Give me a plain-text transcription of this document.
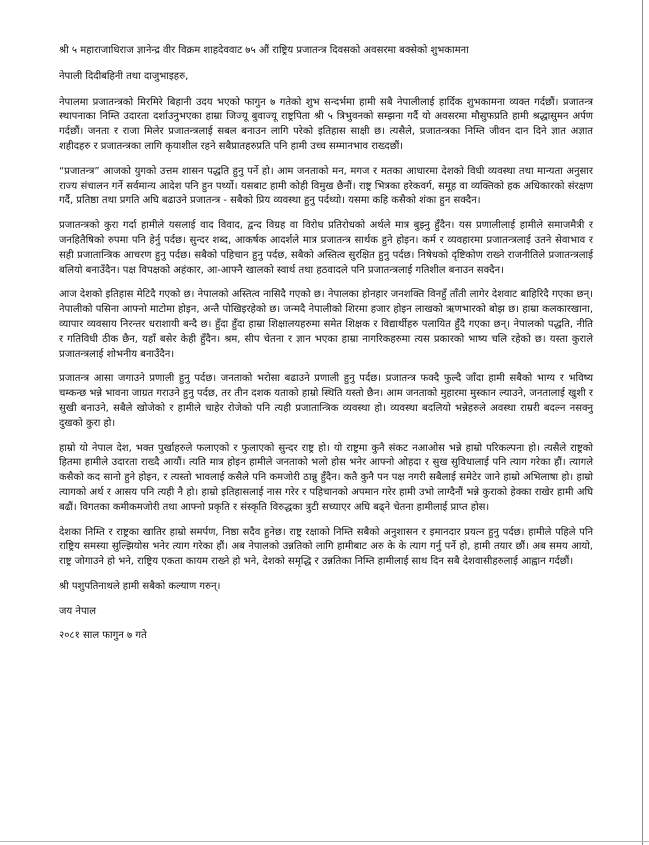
श्री ५ महाराजाधिराज ज्ञानेन्द्र वीर विक्रम शाहदेववाट ७५ औं राष्ट्रिय प्रजातन्त्र दिवसको अवसरमा बक्सेको शुभकामना

नेपाली दिदीबहिनी तथा दाजुभाइहरु,

नेपालमा प्रजातन्त्रको मिरमिरे बिहानी उदय भएको फागुन ७ गतेको शुभ सन्दर्भमा हामी सबै नेपालीलाई हार्दिक शुभकामना व्यक्त गर्दछौं। प्रजातन्त्र स्थापनाका निम्ति उदारता दर्शाउनुभएका हाम्रा जिज्यू बुवाज्यू राष्ट्रपिता श्री ५ त्रिभुवनको सम्झना गर्दै यो अवसरमा मौसुफप्रति हामी श्रद्धासुमन अर्पण गर्दछौं। जनता र राजा मिलेर प्रजातन्त्रलाई सबल बनाउन लागि परेको इतिहास साक्षी छ। त्यसैले, प्रजातन्त्रका निम्ति जीवन दान दिने ज्ञात अज्ञात शहीदहरु र प्रजातन्त्रका लागि कृयाशील रहने सबैप्रातहरुप्रति पनि हामी उच्च सम्मानभाव राख्दछौं।

“प्रजातन्त्र” आजको युगको उत्तम शासन पद्धति हुनु पर्ने हो। आम जनताको मन, मगज र मतका आधारमा देशको विधी व्यवस्था तथा मान्यता अनुसार राज्य संचालन गर्ने सर्वमान्य आदेश पनि हुन पर्थ्यो। यसबाट हामी कोही विमुख छैनौं। राष्ट्र भित्रका हरेकवर्ग, समूह वा व्यक्तिको हक अधिकारको संरक्षण गर्दै, प्रतिष्ठा तथा प्रगति अघि बढाउने प्रजातन्त्र - सबैको प्रिय व्यवस्था हुनु पर्दथ्यो। यसमा कहि कसैको शंका हुन सक्दैन।

प्रजातन्त्रको कुरा गर्दा हामीले यसलाई वाद विवाद, द्वन्द विग्रह वा विरोध प्रतिरोधको अर्थले मात्र बुझ्नु हुँदैन। यस प्रणालीलाई हामीले समाजमैत्री र जनहितैषिको रुपमा पनि हेर्नु पर्दछ। सुन्दर शब्द, आकर्षक आदर्शले मात्र प्रजातन्त्र सार्थक हुने होइन। कर्म र व्यवहारमा प्रजातन्त्रलाई उतने सेवाभाव र सही प्रजातान्त्रिक आचरण हुनु पर्दछ। सबैको पहिचान हुनु पर्दछ, सबैको अस्तित्व सुरक्षित हुनु पर्दछ। निषेधको दृष्टिकोण राख्ने राजनीतिले प्रजातन्त्रलाई बलियो बनाउँदैन। पक्ष विपक्षको अहंकार, आ-आफ्नै खालको स्वार्थ तथा हठवादले पनि प्रजातन्त्रलाई गतिशील बनाउन सक्दैन।

आज देशको इतिहास मेटिदै गएको छ। नेपालको अस्तित्व नासिदै गएको छ। नेपालका होनहार जनशक्ति विनहुँ ताँती लागेर देशवाट बाहिरिदै गएका छन्। नेपालीको पसिना आफ्नो माटोमा होइन, अन्तै पोखिइरहेको छ। जन्मदै नेपालीको शिरमा हजार होइन लाखको ऋणभारको बोझ छ। हाम्रा कलकारखाना, व्यापार व्यवसाय निरन्तर धराशायी बन्दै छ। हुँदा हुँदा हाम्रा शिक्षालयहरुमा समेत शिक्षक र विद्यार्थीहरु पलायित हुँदै गएका छन्। नेपालको पद्धति, नीति र गतिविधी ठीक छैन, यहाँ बसेर केही हुँदैन। श्रम, सीप चेतना र ज्ञान भएका हाम्रा नागरिकहरुमा त्यस प्रकारको भाष्य चलि रहेको छ। यस्ता कुराले प्रजातन्त्रलाई शोभनीय बनाउँदैन।

प्रजातन्त्र आसा जगाउने प्रणाली हुनु पर्दछ। जनताको भरोसा बढाउने प्रणाली हुनु पर्दछ। प्रजातन्त्र फक्दै फुल्दै जाँदा हामी सबैको भाग्य र भविष्य चम्कन्छ भन्ने भावना जाग्रत गराउने हुनु पर्दछ, तर तीन दशक यताको हाम्रो स्थिति यस्तो छैन। आम जनताको मुहारमा मुस्कान ल्याउने, जनतालाई खुशी र सुखी बनाउने, सबैले खोजेको र हामीले चाहेर रोजेको पनि त्यही प्रजातान्त्रिक व्यवस्था हो। व्यवस्था बदलियो भन्नेहरुले अवस्था राम्ररी बदल्न नसक्नु दुखको कुरा हो।

हाम्रो यो नेपाल देश, भक्त पुर्खाहरुले फलाएको र फुलाएको सुन्दर राष्ट्र हो। यो राष्ट्रमा कुनै संकट नआओस भन्ने हाम्रो परिकल्पना हो। त्यसैले राष्ट्रको हितमा हामीले उदारता राख्दै आयौं। त्यति मात्र होइन हामीले जनताको भलो होस भनेर आफ्नो ओहदा र सुख सुविधालाई पनि त्याग गरेका हौं। त्यागले कसैको कद सानो हुने होइन, र त्यस्तो भावलाई कसैले पनि कमजोरी ठान्नु हुँदैन। कतै कुनै पन पक्ष नगरी सबैलाई समेटेर जाने हाम्रो अभिलाषा हो। हाम्रो त्यागको अर्थ र आसय पनि त्यही नै हो। हाम्रो इतिहासलाई नास गरेर र पहिचानको अपमान गरेर हामी उभो लाग्दैनौं भन्ने कुराको हेक्का राखेर हामी अघि बढौं। विगतका कमीकमजोरी तथा आफ्नो प्रकृति र संस्कृति विरुद्धका त्रुटी सच्याएर अघि बढ्ने चेतना हामीलाई प्राप्त होस।

देशका निम्ति र राष्ट्रका खातिर हाम्रो समर्पण, निष्ठा सदैव हुनेछ। राष्ट्र रक्षाको निम्ति सबैको अनुशासन र इमानदार प्रयत्न हुनु पर्दछ। हामीले पहिले पनि राष्ट्रिय समस्या सुल्झियोस भनेर त्याग गरेका हौं। अब नेपालको उन्नतिको लागि हामीबाट अरु के के त्याग गर्नु पर्ने हो, हामी तयार छौं। अब समय आयो, राष्ट्र जोगाउने हो भने, राष्ट्रिय एकता कायम राख्ने हो भने, देशको समृद्धि र उन्नतिका निम्ति हामीलाई साथ दिन सबै देशवासीहरुलाई आह्वान गर्दछौं।

श्री पशुपतिनाथले हामी सबैको कल्याण गरुन्।

जय नेपाल

२०८१ साल फागुन ७ गते
